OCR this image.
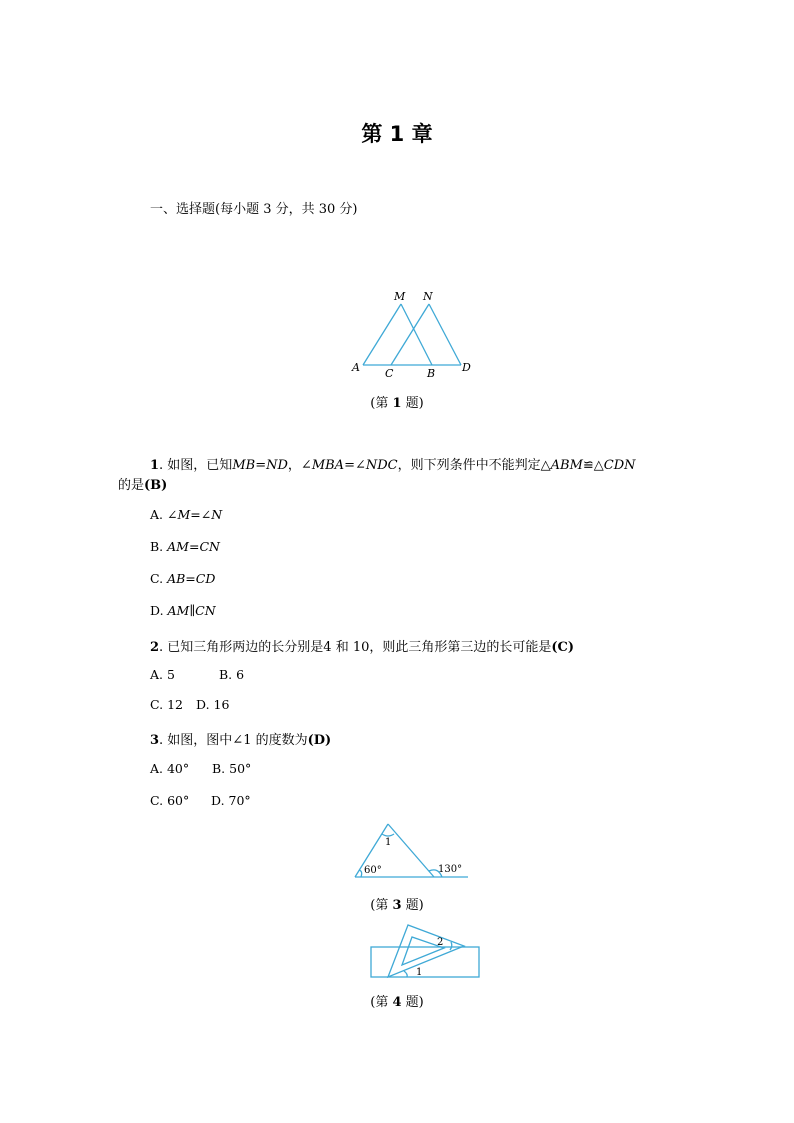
第 1 章
一、选择题(每小题 3 分，共 30 分)
M N
A C	B D
(第 1 题)
1. 如图，已知MB=ND，∠MBA=∠NDC，则下列条件中不能判定△ABM≌△CDN
的是(B)
A. ∠M=∠N
B. AM=CN
C. AB=CD
D. AM∥CN
2. 已知三角形两边的长分别是4 和 10，则此三角形第三边的长可能是(C)
A. 5	B. 6
C. 12 D. 16
3. 如图，图中∠1 的度数为(D)
A. 40° B. 50°
C. 60° D. 70°
1
60°	130°
(第 3 题)
2
1
(第 4 题)
